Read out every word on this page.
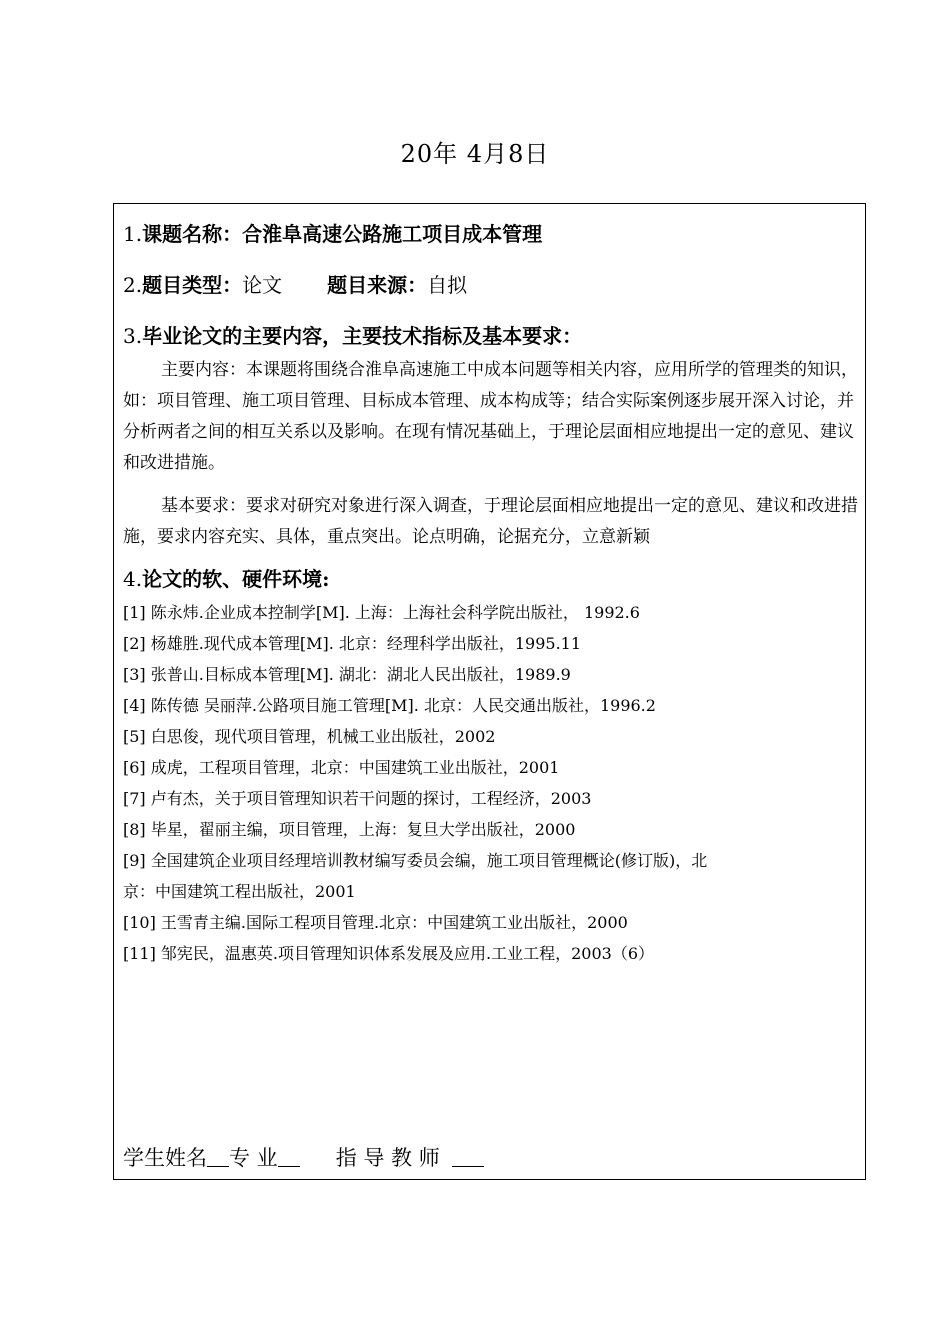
20年 4月8日
1.课题名称：合淮阜高速公路施工项目成本管理
2.题目类型：论文 题目来源：自拟
3.毕业论文的主要内容，主要技术指标及基本要求：
主要内容：本课题将围绕合淮阜高速施工中成本问题等相关内容，应用所学的管理类的知识，如：项目管理、施工项目管理、目标成本管理、成本构成等；结合实际案例逐步展开深入讨论，并分析两者之间的相互关系以及影响。在现有情况基础上，于理论层面相应地提出一定的意见、建议和改进措施。
基本要求：要求对研究对象进行深入调查，于理论层面相应地提出一定的意见、建议和改进措施，要求内容充实、具体，重点突出。论点明确，论据充分，立意新颖
4.论文的软、硬件环境:
[1] 陈永炜.企业成本控制学[M]. 上海：上海社会科学院出版社， 1992.6
[2] 杨雄胜.现代成本管理[M]. 北京：经理科学出版社，1995.11
[3] 张普山.目标成本管理[M]. 湖北：湖北人民出版社，1989.9
[4] 陈传德 吴丽萍.公路项目施工管理[M]. 北京：人民交通出版社，1996.2
[5] 白思俊，现代项目管理，机械工业出版社，2002
[6] 成虎，工程项目管理，北京：中国建筑工业出版社，2001
[7] 卢有杰，关于项目管理知识若干问题的探讨，工程经济，2003
[8] 毕星，翟丽主编，项目管理，上海：复旦大学出版社，2000
[9] 全国建筑企业项目经理培训教材编写委员会编，施工项目管理概论(修订版)，北
京：中国建筑工程出版社，2001
[10] 王雪青主编.国际工程项目管理.北京：中国建筑工业出版社，2000
[11] 邹宪民，温惠英.项目管理知识体系发展及应用.工业工程，2003（6）
学生姓名 专 业	指 导 教 师
